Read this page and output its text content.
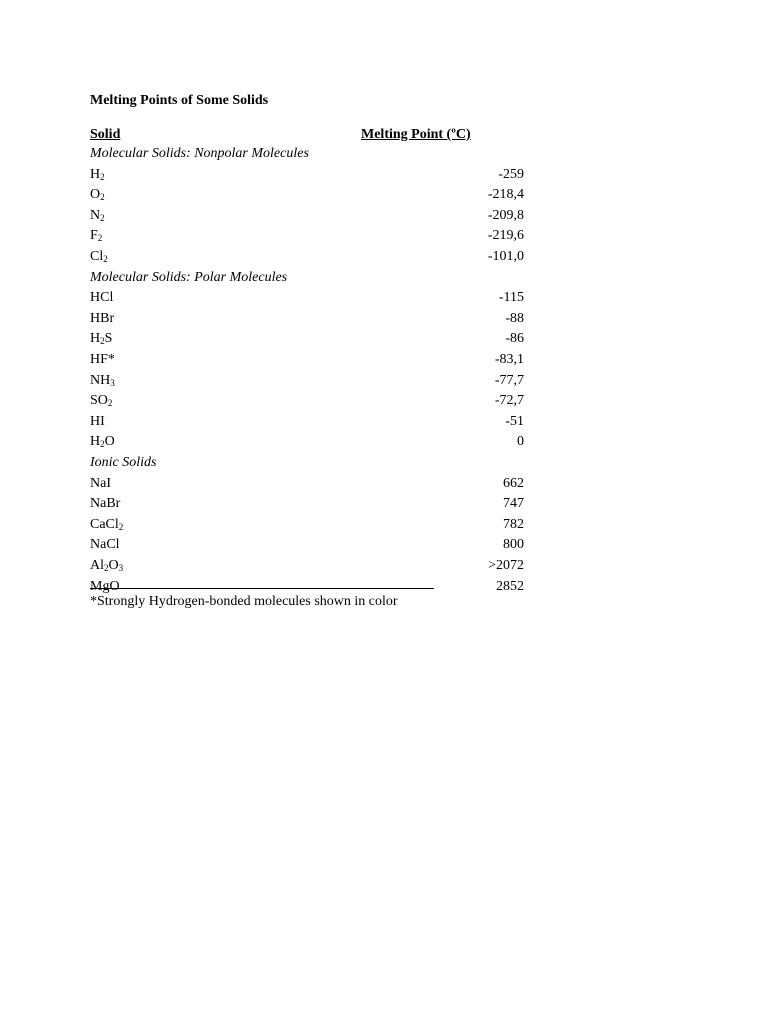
Melting Points of Some Solids
Solid	Melting Point (ºC)
Molecular Solids: Nonpolar Molecules
$H_2$	-259
$O_2$	-218,4
$N_2$	-209,8
$F_2$	-219,6
$Cl_2$	-101,0
Molecular Solids: Polar Molecules
HCl	-115
HBr	-88
$H_2S$	-86
HF*	-83,1
$NH_3$	-77,7
$SO_2$	-72,7
HI	-51
$H_2O$	0
Ionic Solids
NaI	662
NaBr	747
CaCl$_2$	782
NaCl	800
$Al_2O_3$	>2072
MgO	2852
*Strongly Hydrogen-bonded molecules shown in color
